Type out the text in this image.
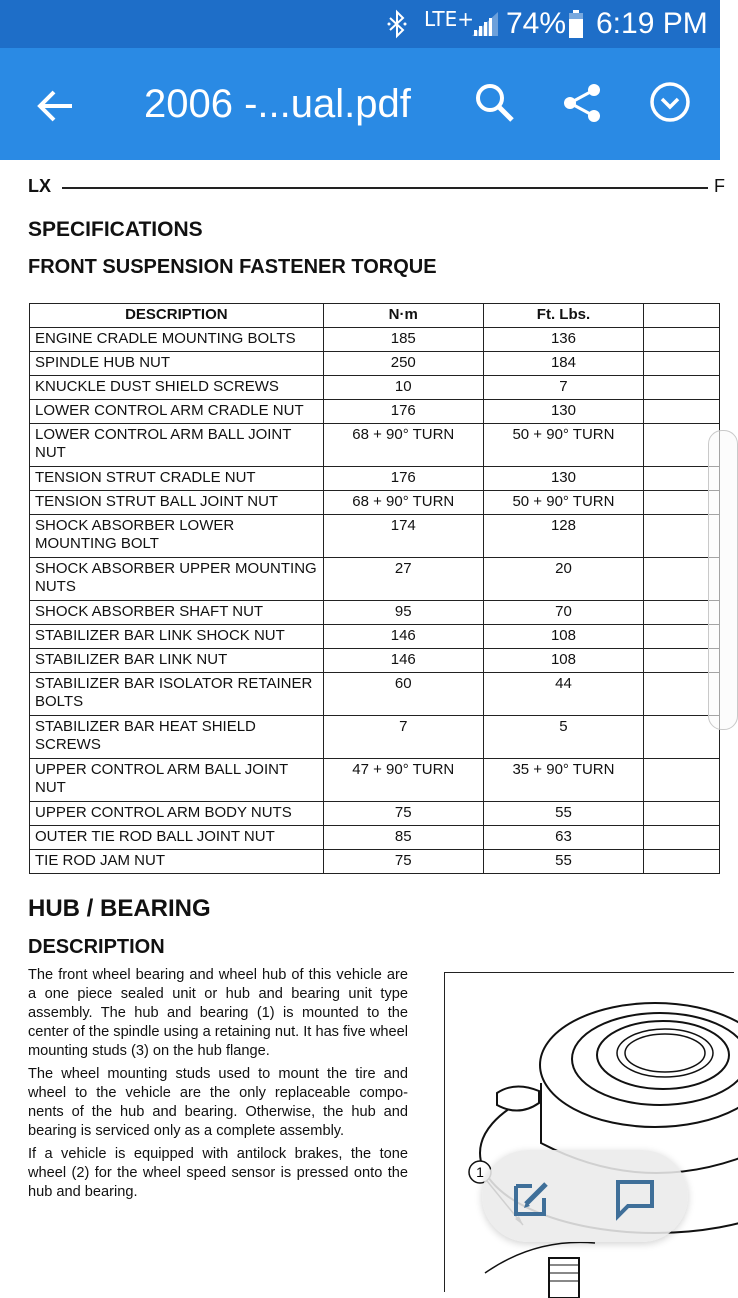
LTE+ 74% 6:19 PM
2006 -...ual.pdf
LX	F
SPECIFICATIONS
FRONT SUSPENSION FASTENER TORQUE
DESCRIPTION	N·m	Ft. Lbs.	
ENGINE CRADLE MOUNTING BOLTS	185	136	
SPINDLE HUB NUT	250	184	
KNUCKLE DUST SHIELD SCREWS	10	7	
LOWER CONTROL ARM CRADLE NUT	176	130	
LOWER CONTROL ARM BALL JOINT NUT	68 + 90° TURN	50 + 90° TURN	
TENSION STRUT CRADLE NUT	176	130	
TENSION STRUT BALL JOINT NUT	68 + 90° TURN	50 + 90° TURN	
SHOCK ABSORBER LOWER MOUNTING BOLT	174	128	
SHOCK ABSORBER UPPER MOUNTING NUTS	27	20	
SHOCK ABSORBER SHAFT NUT	95	70	
STABILIZER BAR LINK SHOCK NUT	146	108	
STABILIZER BAR LINK NUT	146	108	
STABILIZER BAR ISOLATOR RETAINER BOLTS	60	44	
STABILIZER BAR HEAT SHIELD SCREWS	7	5	
UPPER CONTROL ARM BALL JOINT NUT	47 + 90° TURN	35 + 90° TURN	
UPPER CONTROL ARM BODY NUTS	75	55	
OUTER TIE ROD BALL JOINT NUT	85	63	
TIE ROD JAM NUT	75	55	
HUB / BEARING
DESCRIPTION

The front wheel bearing and wheel hub of this vehicle are a one piece sealed unit or hub and bearing unit type assembly. The hub and bearing (1) is mounted to the center of the spindle using a retaining nut. It has five wheel mounting studs (3) on the hub flange.

The wheel mounting studs used to mount the tire and wheel to the vehicle are the only replaceable compo- nents of the hub and bearing. Otherwise, the hub and bearing is serviced only as a complete assembly.

If a vehicle is equipped with antilock brakes, the tone wheel (2) for the wheel speed sensor is pressed onto the hub and bearing.

1
